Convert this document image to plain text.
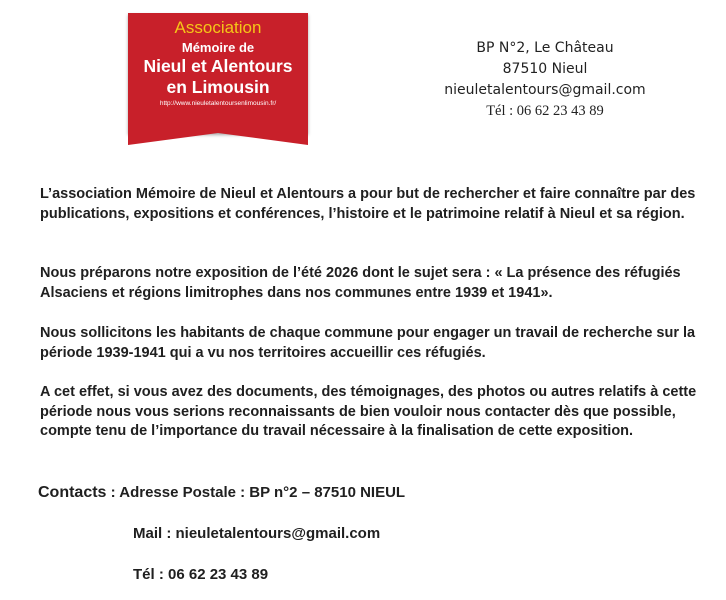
Association
Mémoire de
Nieul et Alentours
en Limousin
http://www.nieuletalentoursenlimousin.fr/
BP N°2, Le Château
87510 Nieul
nieuletalentours@gmail.com
Tél : 06 62 23 43 89

L’association Mémoire de Nieul et Alentours a pour but de rechercher et faire connaître par des publications, expositions et conférences, l’histoire et le patrimoine relatif à Nieul et sa région.

Nous préparons notre exposition de l’été 2026 dont le sujet sera : « La présence des réfugiés Alsaciens et régions limitrophes dans nos communes entre 1939 et 1941».

Nous sollicitons les habitants de chaque commune pour engager un travail de recherche sur la période 1939-1941 qui a vu nos territoires accueillir ces réfugiés.

A cet effet, si vous avez des documents, des témoignages, des photos ou autres relatifs à cette période nous vous serions reconnaissants de bien vouloir nous contacter dès que possible, compte tenu de l’importance du travail nécessaire à la finalisation de cette exposition.

Contacts : Adresse Postale : BP n°2 – 87510 NIEUL
Mail : nieuletalentours@gmail.com
Tél : 06 62 23 43 89
